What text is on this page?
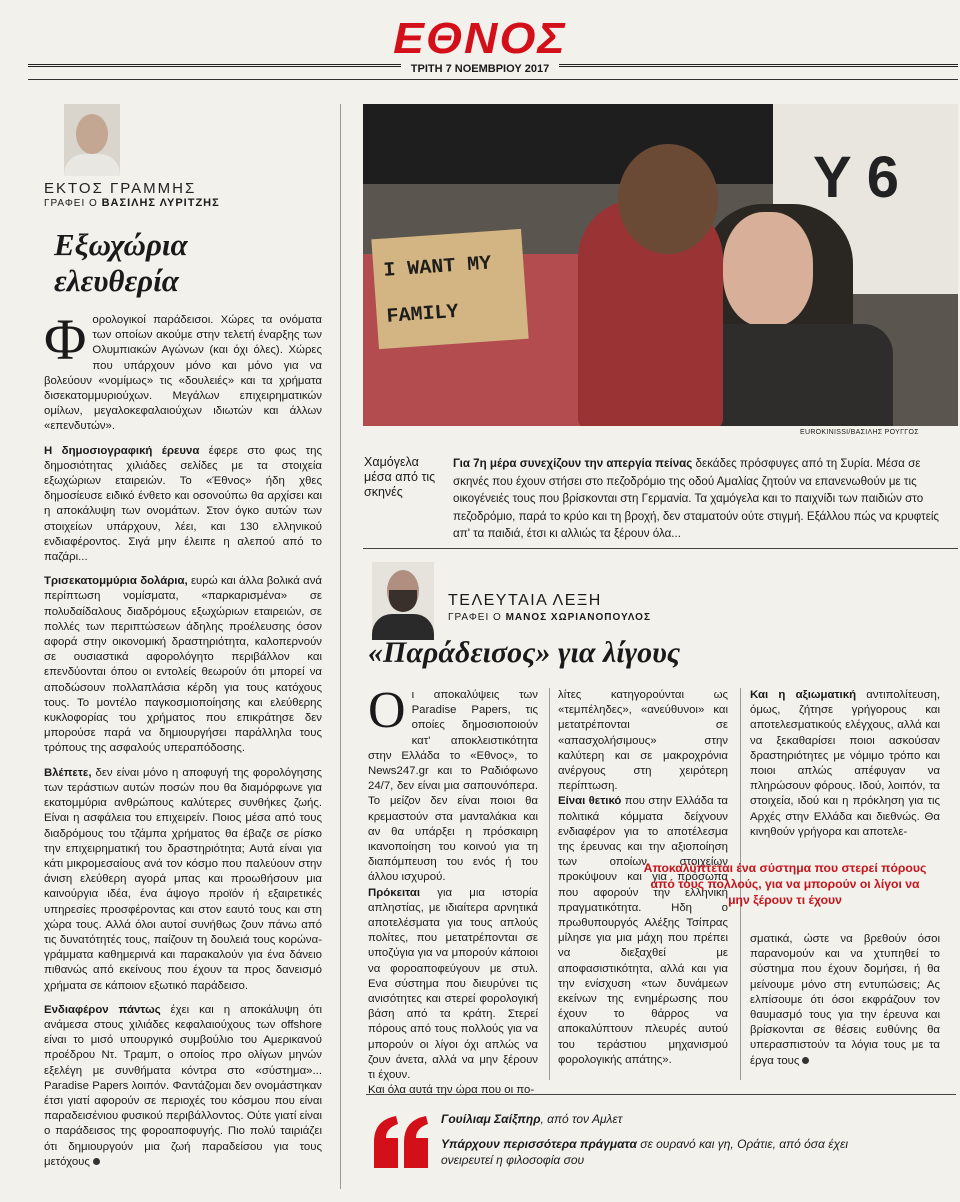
ΕΘΝΟΣ
ΤΡΙΤΗ 7 ΝΟΕΜΒΡΙΟΥ 2017
ΕΚΤΟΣ ΓΡΑΜΜΗΣ
ΓΡΑΦΕΙ Ο ΒΑΣΙΛΗΣ ΛΥΡΙΤΖΗΣ
Εξωχώρια
ελευθερία

Φορολογικοί παράδεισοι. Χώρες τα ονόματα των οποίων ακούμε στην τελετή έναρξης των Ολυμπιακών Αγώνων (και όχι όλες). Χώρες που υπάρχουν μόνο και μόνο για να βολεύουν «νομίμως» τις «δουλειές» και τα χρήματα δισεκατομμυριούχων. Μεγάλων επιχειρηματικών ομίλων, μεγαλοκεφαλαιούχων ιδιωτών και άλλων «επενδυτών».

Η δημοσιογραφική έρευνα έφερε στο φως της δημοσιότητας χιλιάδες σελίδες με τα στοιχεία εξωχώριων εταιρειών. Το «Έθνος» ήδη χθες δημοσίευσε ειδικό ένθετο και οσονούπω θα αρχίσει και η αποκάλυψη των ονομάτων. Στον όγκο αυτών των στοιχείων υπάρχουν, λέει, και 130 ελληνικού ενδιαφέροντος. Σιγά μην έλειπε η αλεπού από το παζάρι...

Τρισεκατομμύρια δολάρια, ευρώ και άλλα βολικά ανά περίπτωση νομίσματα, «παρκαρισμένα» σε πολυδαίδαλους διαδρόμους εξωχώριων εταιρειών, σε πολλές των περιπτώσεων άδηλης προέλευσης όσον αφορά στην οικονομική δραστηριότητα, καλοπερνούν σε ουσιαστικά αφορολόγητο περιβάλλον και επενδύονται όπου οι εντολείς θεωρούν ότι μπορεί να αποδώσουν πολλαπλάσια κέρδη για τους κατόχους τους. Το μοντέλο παγκοσμιοποίησης και ελεύθερης κυκλοφορίας του χρήματος που επικράτησε δεν μπορούσε παρά να δημιουργήσει παράλληλα τους τρόπους της ασφαλούς υπεραπόδοσης.

Βλέπετε, δεν είναι μόνο η αποφυγή της φορολόγησης των τεράστιων αυτών ποσών που θα διαμόρφωνε για εκατομμύρια ανθρώπους καλύτερες συνθήκες ζωής. Είναι η ασφάλεια του επιχειρείν. Ποιος μέσα από τους διαδρόμους του τζάμπα χρήματος θα έβαζε σε ρίσκο την επιχειρηματική του δραστηριότητα; Αυτά είναι για κάτι μικρομεσαίους ανά τον κόσμο που παλεύουν στην άνιση ελεύθερη αγορά μπας και προωθήσουν μια καινούργια ιδέα, ένα άψογο προϊόν ή εξαιρετικές υπηρεσίες προσφέροντας και στον εαυτό τους και στη χώρα τους. Αλλά όλοι αυτοί συνήθως ζουν πάνω από τις δυνατότητές τους, παίζουν τη δουλειά τους κορώνα-γράμματα καθημερινά και παρακαλούν για ένα δάνειο πιθανώς από εκείνους που έχουν τα προς δανεισμό χρήματα σε κάποιον εξωτικό παράδεισο.

Ενδιαφέρον πάντως έχει και η αποκάλυψη ότι ανάμεσα στους χιλιάδες κεφαλαιούχους των offshore είναι το μισό υπουργικό συμβούλιο του Αμερικανού προέδρου Ντ. Τραμπ, ο οποίος προ ολίγων μηνών εξελέγη με συνθήματα κόντρα στο «σύστημα»... Paradise Papers λοιπόν. Φαντάζομαι δεν ονομάστηκαν έτσι γιατί αφορούν σε περιοχές του κόσμου που είναι παραδεισένιου φυσικού περιβάλλοντος. Ούτε γιατί είναι ο παράδεισος της φοροαποφυγής. Πιο πολύ ταιριάζει ότι δημιουργούν μια ζωή παραδείσου για τους μετόχους

Y 6
I WANT MY FAMILY
EUROKINISSI/ΒΑΣΙΛΗΣ ΡΟΥΓΓΟΣ
Χαμόγελα μέσα από τις σκηνές
Για 7η μέρα συνεχίζουν την απεργία πείνας δεκάδες πρόσφυγες από τη Συρία. Μέσα σε σκηνές που έχουν στήσει στο πεζοδρόμιο της οδού Αμαλίας ζητούν να επανενωθούν με τις οικογένειές τους που βρίσκονται στη Γερμανία. Τα χαμόγελα και το παιχνίδι των παιδιών στο πεζοδρόμιο, παρά το κρύο και τη βροχή, δεν σταματούν ούτε στιγμή. Εξάλλου πώς να κρυφτείς απ' τα παιδιά, έτσι κι αλλιώς τα ξέρουν όλα...
ΤΕΛΕΥΤΑΙΑ ΛΕΞΗ
ΓΡΑΦΕΙ Ο ΜΑΝΟΣ ΧΩΡΙΑΝΟΠΟΥΛΟΣ
«Παράδεισος» για λίγους

Οι αποκαλύψεις των Paradise Papers, τις οποίες δημοσιοποιούν κατ' αποκλειστικότητα στην Ελλάδα το «Εθνος», το News247.gr και το Ραδιόφωνο 24/7, δεν είναι μια σαπουνόπερα. Το μείζον δεν είναι ποιοι θα κρεμαστούν στα μανταλάκια και αν θα υπάρξει η πρόσκαιρη ικανοποίηση του κοινού για τη διαπόμπευση του ενός ή του άλλου ισχυρού.

Πρόκειται για μια ιστορία απληστίας, με ιδιαίτερα αρνητικά αποτελέσματα για τους απλούς πολίτες, που μετατρέπονται σε υποζύγια για να μπορούν κάποιοι να φοροαποφεύγουν με στυλ. Ενα σύστημα που διευρύνει τις ανισότητες και στερεί φορολογική βάση από τα κράτη. Στερεί πόρους από τους πολλούς για να μπορούν οι λίγοι όχι απλώς να ζουν άνετα, αλλά να μην ξέρουν τι έχουν.

Και όλα αυτά την ώρα που οι πο-

λίτες κατηγορούνται ως «τεμπέληδες», «ανεύθυνοι» και μετατρέπονται σε «απασχολήσιμους» στην καλύτερη και σε μακροχρόνια ανέργους στη χειρότερη περίπτωση.

Είναι θετικό που στην Ελλάδα τα πολιτικά κόμματα δείχνουν ενδιαφέρον για το αποτέλεσμα της έρευνας και την αξιοποίηση των οποίων στοιχείων προκύψουν και για πρόσωπα που αφορούν την ελληνική πραγματικότητα. Ηδη ο πρωθυπουργός Αλέξης Τσίπρας μίλησε για μια μάχη που πρέπει να διεξαχθεί με αποφασιστικότητα, αλλά και για την ενίσχυση «των δυνάμεων εκείνων της ενημέρωσης που έχουν το θάρρος να αποκαλύπτουν πλευρές αυτού του τεράστιου μηχανισμού φορολογικής απάτης».

Και η αξιωματική αντιπολίτευση, όμως, ζήτησε γρήγορους και αποτελεσματικούς ελέγχους, αλλά και να ξεκαθαρίσει ποιοι ασκούσαν δραστηριότητες με νόμιμο τρόπο και ποιοι απλώς απέφυγαν να πληρώσουν φόρους. Ιδού, λοιπόν, τα στοιχεία, ιδού και η πρόκληση για τις Αρχές στην Ελλάδα και διεθνώς. Θα κινηθούν γρήγορα και αποτελε-

Αποκαλύπτεται ένα σύστημα που στερεί πόρους από τους πολλούς, για να μπορούν οι λίγοι να μην ξέρουν τι έχουν

σματικά, ώστε να βρεθούν όσοι παρανομούν και να χτυπηθεί το σύστημα που έχουν δομήσει, ή θα μείνουμε μόνο στη εντυπώσεις; Ας ελπίσουμε ότι όσοι εκφράζουν τον θαυμασμό τους για την έρευνα και βρίσκονται σε θέσεις ευθύνης θα υπερασπιστούν τα λόγια τους με τα έργα τους

Γουίλιαμ Σαίξπηρ, από τον Αμλετ
Υπάρχουν περισσότερα πράγματα σε ουρανό και γη, Οράτιε, από όσα έχει ονειρευτεί η φιλοσοφία σου
